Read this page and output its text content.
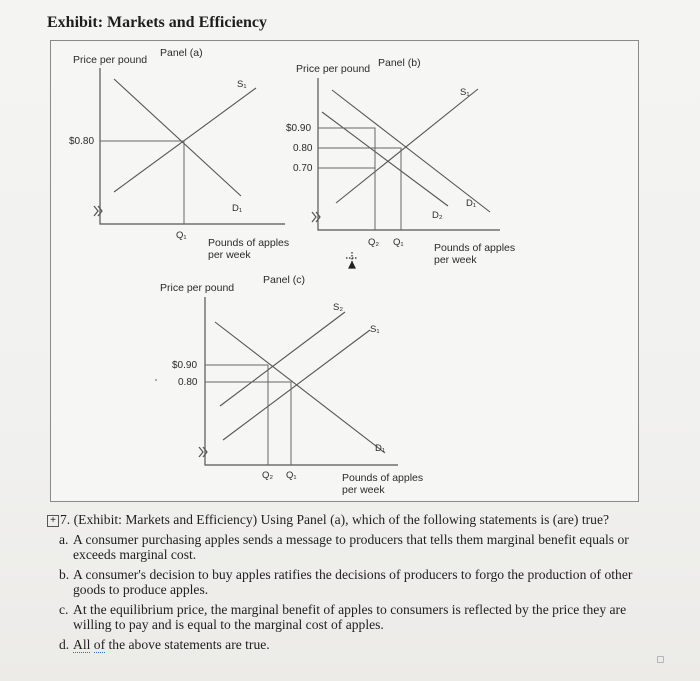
Exhibit: Markets and Efficiency
Price per pound
Panel (a)
$0.80
Q₁
S₁
D₁
Pounds of apples
per week
Price per pound Panel (b)
$0.90
0.80
0.70
Q₂ Q₁
S₁
D₁
D₂
Pounds of apples
per week
Price per pound
Panel (c)
$0.90
0.80
Q₂ Q₁
S₂
S₁
D₁
Pounds of apples
per week
+ 7. (Exhibit: Markets and Efficiency) Using Panel (a), which of the following statements is (are) true?
a. A consumer purchasing apples sends a message to producers that tells them marginal benefit equals or exceeds marginal cost.
b. A consumer's decision to buy apples ratifies the decisions of producers to forgo the production of other goods to produce apples.
c. At the equilibrium price, the marginal benefit of apples to consumers is reflected by the price they are willing to pay and is equal to the marginal cost of apples.
d. All of the above statements are true.
